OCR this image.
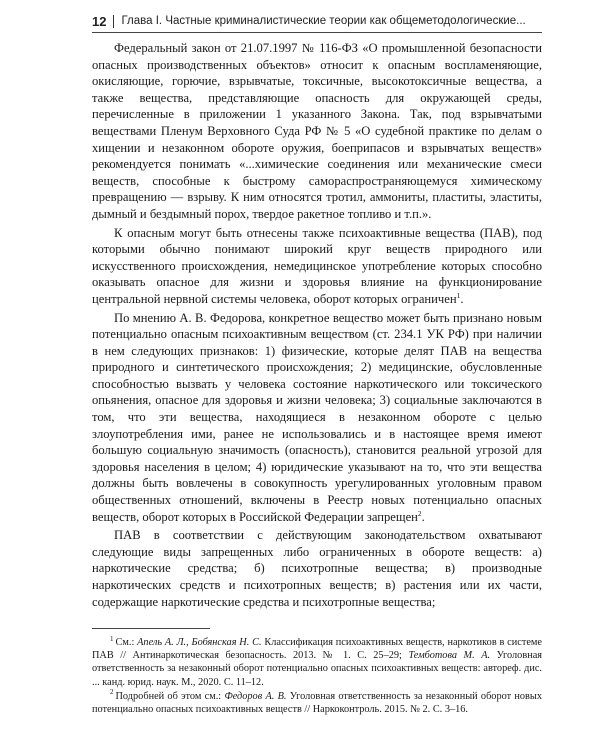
12	Глава I. Частные криминалистические теории как общеметодологические...

Федеральный закон от 21.07.1997 № 116-ФЗ «О промышленной безопасности опасных производственных объектов» относит к опасным воспламеняющие, окисляющие, горючие, взрывчатые, токсичные, высокотоксичные вещества, а также вещества, представляющие опасность для окружающей среды, перечисленные в приложении 1 указанного Закона. Так, под взрывчатыми веществами Пленум Верховного Суда РФ № 5 «О судебной практике по делам о хищении и незаконном обороте оружия, боеприпасов и взрывчатых веществ» рекомендуется понимать «...химические соединения или механические смеси веществ, способные к быстрому самораспространяющемуся химическому превращению — взрыву. К ним относятся тротил, аммониты, пластиты, эластиты, дымный и бездымный порох, твердое ракетное топливо и т.п.».

К опасным могут быть отнесены также психоактивные вещества (ПАВ), под которыми обычно понимают широкий круг веществ природного или искусственного происхождения, немедицинское употребление которых способно оказывать опасное для жизни и здоровья влияние на функционирование центральной нервной системы человека, оборот которых ограничен$^1$.

По мнению А. В. Федорова, конкретное вещество может быть признано новым потенциально опасным психоактивным веществом (ст. 234.1 УК РФ) при наличии в нем следующих признаков: 1) физические, которые делят ПАВ на вещества природного и синтетического происхождения; 2) медицинские, обусловленные способностью вызвать у человека состояние наркотического или токсического опьянения, опасное для здоровья и жизни человека; 3) социальные заключаются в том, что эти вещества, находящиеся в незаконном обороте с целью злоупотребления ими, ранее не использовались и в настоящее время имеют большую социальную значимость (опасность), становится реальной угрозой для здоровья населения в целом; 4) юридические указывают на то, что эти вещества должны быть вовлечены в совокупность урегулированных уголовным правом общественных отношений, включены в Реестр новых потенциально опасных веществ, оборот которых в Российской Федерации запрещен$^2$.

ПАВ в соответствии с действующим законодательством охватывают следующие виды запрещенных либо ограниченных в обороте веществ: а) наркотические средства; б) психотропные вещества; в) производные наркотических средств и психотропных веществ; в) растения или их части, содержащие наркотические средства и психотропные вещества;

$^1$ См.: Апель А. Л., Бобянская Н. С. Классификация психоактивных веществ, наркотиков в системе ПАВ // Антинаркотическая безопасность. 2013. № 1. С. 25–29; Темботова М. А. Уголовная ответственность за незаконный оборот потенциально опасных психоактивных веществ: автореф. дис. ... канд. юрид. наук. М., 2020. С. 11–12.

$^2$ Подробней об этом см.: Федоров А. В. Уголовная ответственность за незаконный оборот новых потенциально опасных психоактивных веществ // Наркоконтроль. 2015. № 2. С. 3–16.
